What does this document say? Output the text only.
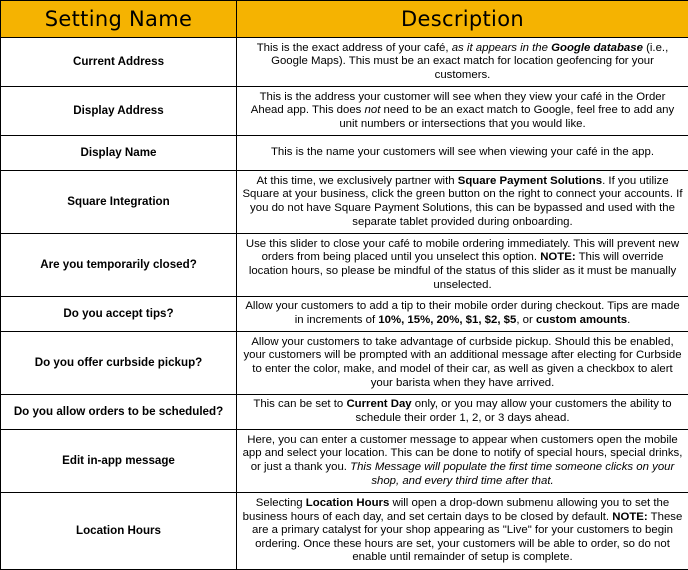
Setting Name	Description
Current Address	This is the exact address of your café, as it appears in the Google database (i.e., Google Maps). This must be an exact match for location geofencing for your customers.
Display Address	This is the address your customer will see when they view your café in the Order Ahead app. This does not need to be an exact match to Google, feel free to add any unit numbers or intersections that you would like.
Display Name	This is the name your customers will see when viewing your café in the app.
Square Integration	At this time, we exclusively partner with Square Payment Solutions. If you utilize Square at your business, click the green button on the right to connect your accounts. If you do not have Square Payment Solutions, this can be bypassed and used with the separate tablet provided during onboarding.
Are you temporarily closed?	Use this slider to close your café to mobile ordering immediately. This will prevent new orders from being placed until you unselect this option. NOTE: This will override location hours, so please be mindful of the status of this slider as it must be manually unselected.
Do you accept tips?	Allow your customers to add a tip to their mobile order during checkout. Tips are made in increments of 10%, 15%, 20%, $1, $2, $5, or custom amounts.
Do you offer curbside pickup?	Allow your customers to take advantage of curbside pickup. Should this be enabled, your customers will be prompted with an additional message after electing for Curbside to enter the color, make, and model of their car, as well as given a checkbox to alert your barista when they have arrived.
Do you allow orders to be scheduled?	This can be set to Current Day only, or you may allow your customers the ability to schedule their order 1, 2, or 3 days ahead.
Edit in-app message	Here, you can enter a customer message to appear when customers open the mobile app and select your location. This can be done to notify of special hours, special drinks, or just a thank you. This Message will populate the first time someone clicks on your shop, and every third time after that.
Location Hours	Selecting Location Hours will open a drop-down submenu allowing you to set the business hours of each day, and set certain days to be closed by default. NOTE: These are a primary catalyst for your shop appearing as "Live" for your customers to begin ordering. Once these hours are set, your customers will be able to order, so do not enable until remainder of setup is complete.
